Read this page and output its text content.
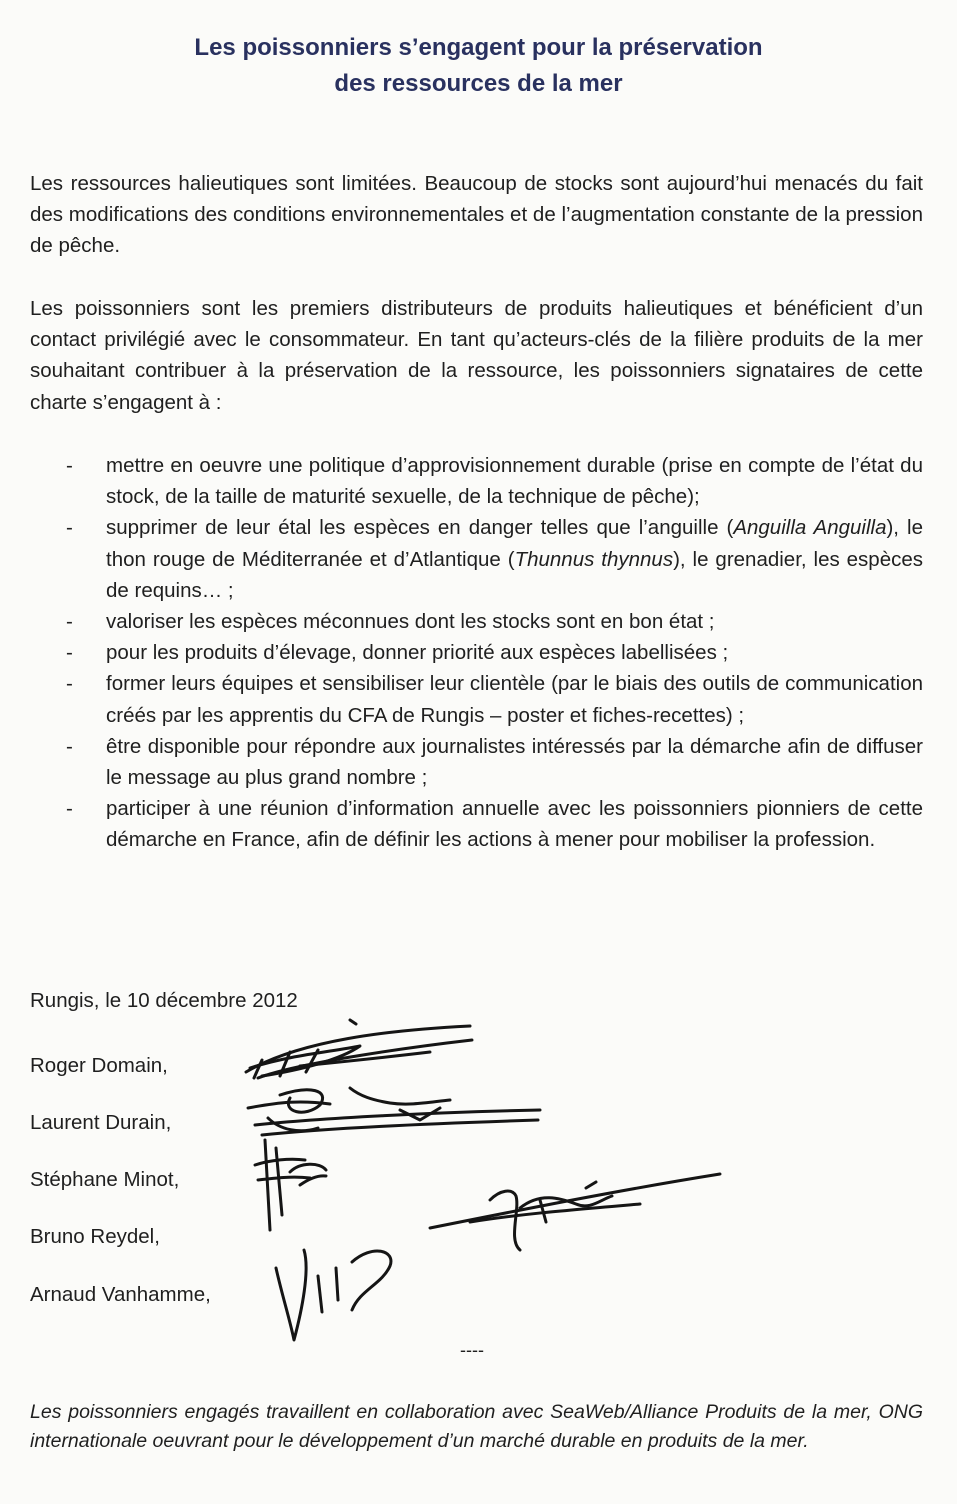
Les poissonniers s’engagent pour la préservation
des ressources de la mer

Les ressources halieutiques sont limitées. Beaucoup de stocks sont aujourd’hui menacés du fait des modifications des conditions environnementales et de l’augmentation constante de la pression de pêche.

Les poissonniers sont les premiers distributeurs de produits halieutiques et bénéficient d’un contact privilégié avec le consommateur. En tant qu’acteurs-clés de la filière produits de la mer souhaitant contribuer à la préservation de la ressource, les poissonniers signataires de cette charte s’engagent à :

- mettre en oeuvre une politique d’approvisionnement durable (prise en compte de l’état du stock, de la taille de maturité sexuelle, de la technique de pêche);
- supprimer de leur étal les espèces en danger telles que l’anguille (Anguilla Anguilla), le thon rouge de Méditerranée et d’Atlantique (Thunnus thynnus), le grenadier, les espèces de requins… ;
- valoriser les espèces méconnues dont les stocks sont en bon état ;
- pour les produits d’élevage, donner priorité aux espèces labellisées ;
- former leurs équipes et sensibiliser leur clientèle (par le biais des outils de communication créés par les apprentis du CFA de Rungis – poster et fiches-recettes) ;
- être disponible pour répondre aux journalistes intéressés par la démarche afin de diffuser le message au plus grand nombre ;
- participer à une réunion d’information annuelle avec les poissonniers pionniers de cette démarche en France, afin de définir les actions à mener pour mobiliser la profession.
Rungis, le 10 décembre 2012
Roger Domain,
Laurent Durain,
Stéphane Minot,
Bruno Reydel,
Arnaud Vanhamme,
----

Les poissonniers engagés travaillent en collaboration avec SeaWeb/Alliance Produits de la mer, ONG internationale oeuvrant pour le développement d’un marché durable en produits de la mer.
